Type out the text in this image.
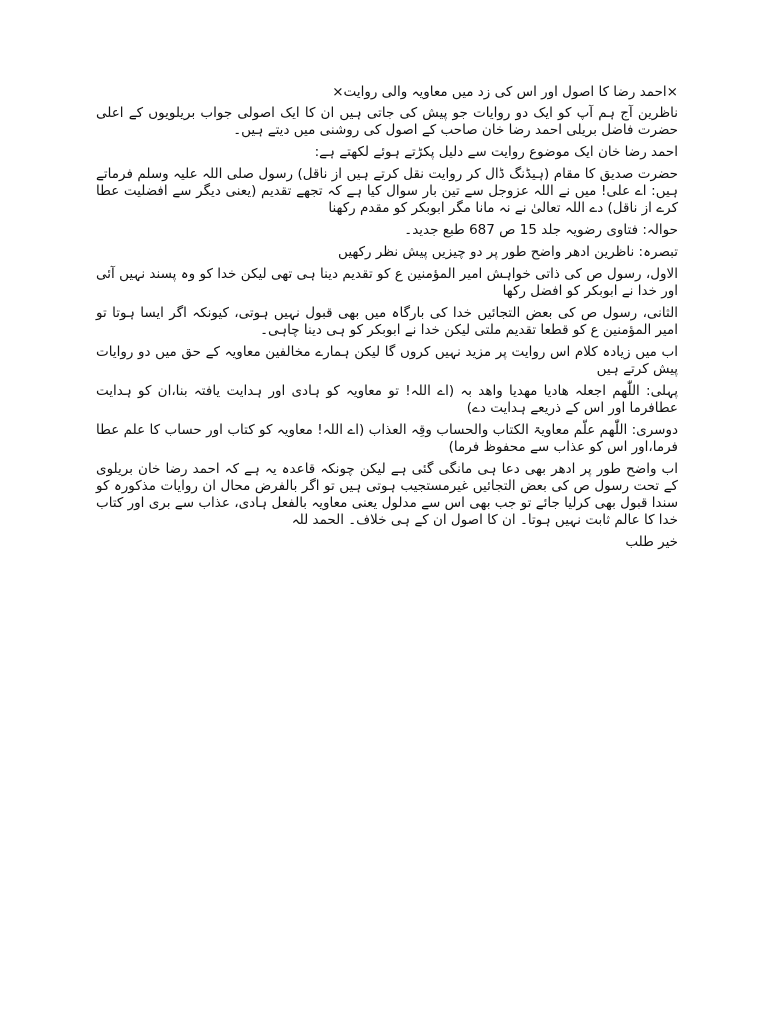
×احمد رضا کا اصول اور اس کی زد میں معاویہ والی روایت×

ناظرین آج ہم آپ کو ایک دو روایات جو پیش کی جاتی ہیں ان کا ایک اصولی جواب بریلویوں کے اعلی حضرت فاضل بریلی احمد رضا خان صاحب کے اصول کی روشنی میں دیتے ہیں۔

احمد رضا خان ایک موضوع روایت سے دلیل پکڑتے ہوئے لکھتے ہے:

حضرت صدیق کا مقام (ہیڈنگ ڈال کر روایت نقل کرتے ہیں از ناقل) رسول صلی اللہ علیہ وسلم فرماتے ہیں: اے علی! میں نے اللہ عزوجل سے تین بار سوال کیا ہے کہ تجھے تقدیم (یعنی دیگر سے افضلیت عطا کرے از ناقل) دے اللہ تعالیٰ نے نہ مانا مگر ابوبکر کو مقدم رکھنا

حوالہ: فتاوی رضویہ جلد 15 ص 687 طبع جدید۔

تبصرہ: ناظرین ادھر واضح طور پر دو چیزیں پیش نظر رکھیں

الاول، رسول ص کی ذاتی خواہش امیر المؤمنین ع کو تقدیم دینا ہی تھی لیکن خدا کو وہ پسند نہیں آئی اور خدا نے ابوبکر کو افضل رکھا

الثانی، رسول ص کی بعض التجائیں خدا کی بارگاہ میں بھی قبول نہیں ہوتی، کیونکہ اگر ایسا ہوتا تو امیر المؤمنین ع کو قطعا تقدیم ملتی لیکن خدا نے ابوبکر کو ہی دینا چاہی۔

اب میں زیادہ کلام اس روایت پر مزید نہیں کروں گا لیکن ہمارے مخالفین معاویہ کے حق میں دو روایات پیش کرتے ہیں

پہلی: اللّٰھم اجعلہ ھادیا مھدیا واھد بہ (اے اللہ! تو معاویہ کو ہادی اور ہدایت یافتہ بنا،ان کو ہدایت عطافرما اور اس کے ذریعے ہدایت دے)

دوسری: اللّٰھم علّم معاویۃ الکتاب والحساب وقِہ العذاب (اے اللہ! معاویہ کو کتاب اور حساب کا علم عطا فرما،اور اس کو عذاب سے محفوظ فرما)

اب واضح طور پر ادھر بھی دعا ہی مانگی گئی ہے لیکن چونکہ قاعدہ یہ ہے کہ احمد رضا خان بریلوی کے تحت رسول ص کی بعض التجائیں غیرمستجیب ہوتی ہیں تو اگر بالفرض محال ان روایات مذکورہ کو سندا قبول بھی کرلیا جائے تو جب بھی اس سے مدلول یعنی معاویہ بالفعل ہادی، عذاب سے بری اور کتاب خدا کا عالم ثابت نہیں ہوتا۔ ان کا اصول ان کے ہی خلاف۔ الحمد للہ

خیر طلب
